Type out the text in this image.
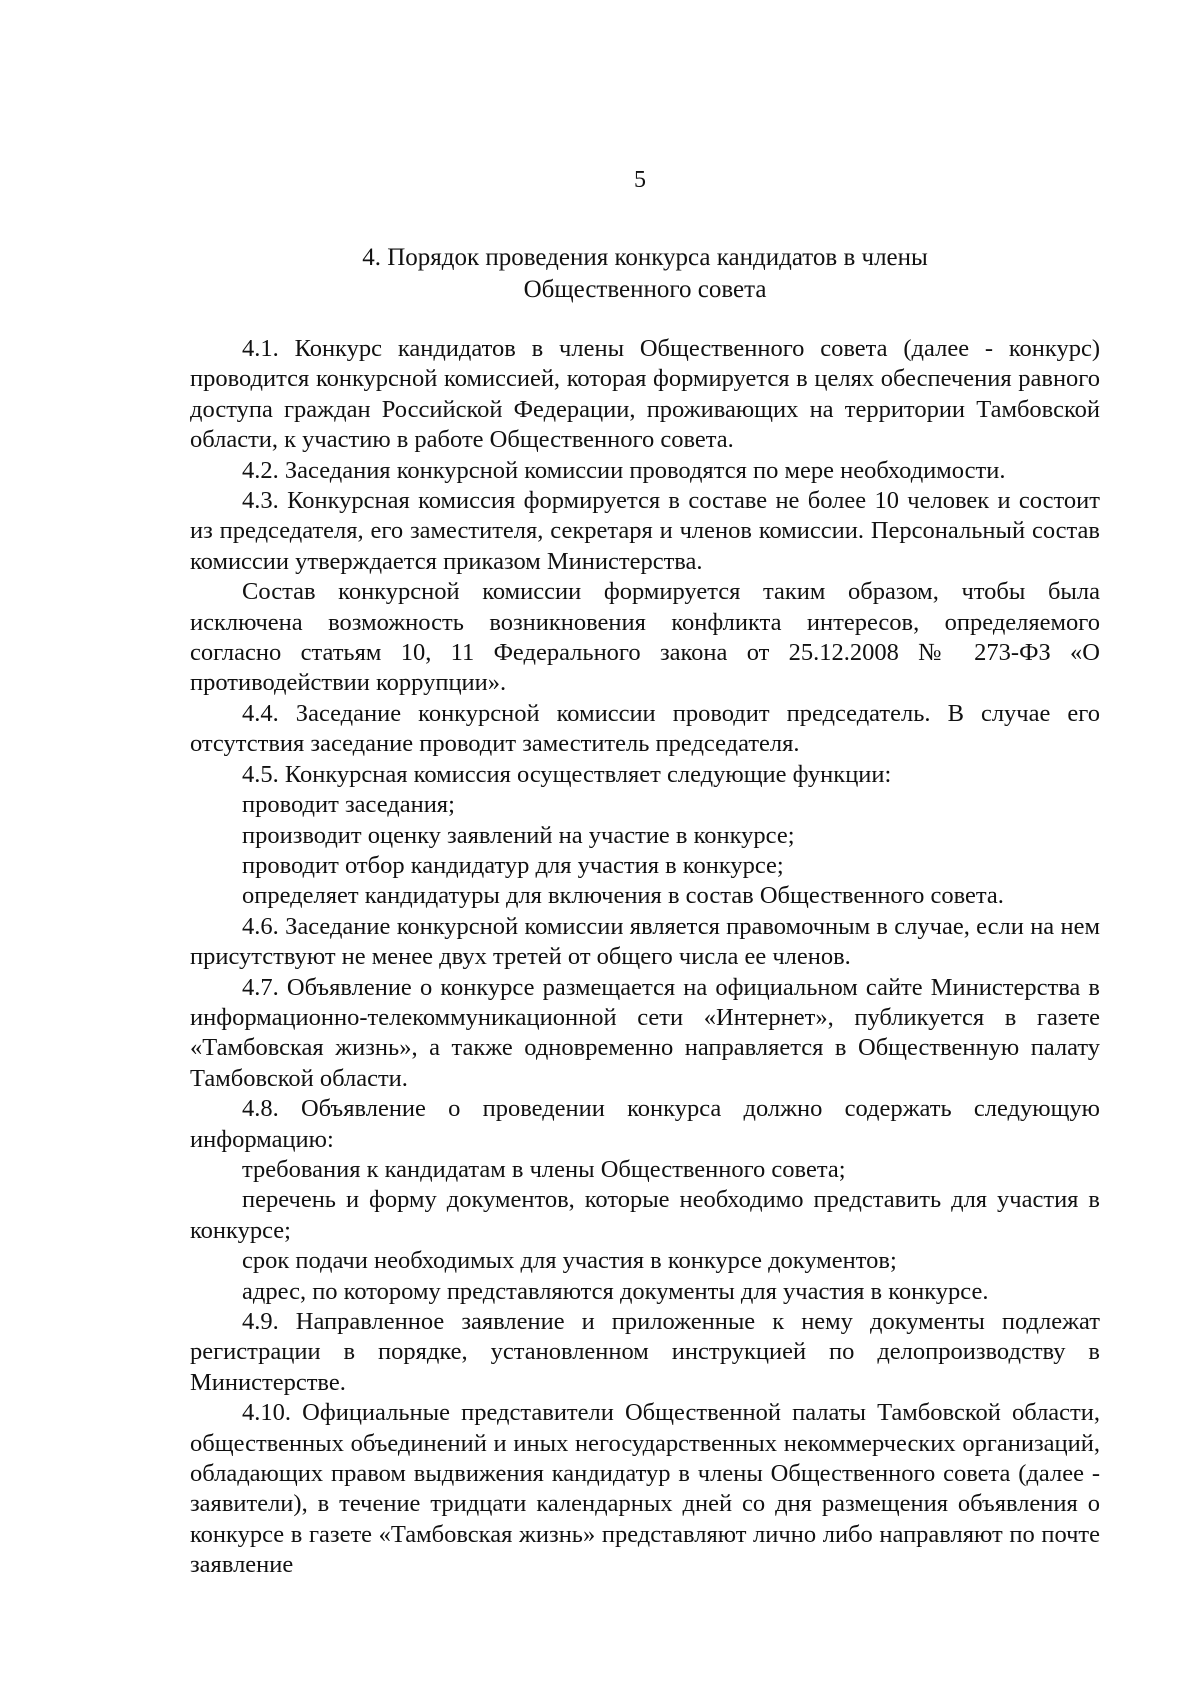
5
4. Порядок проведения конкурса кандидатов в члены
Общественного совета

4.1. Конкурс кандидатов в члены Общественного совета (далее - конкурс) проводится конкурсной комиссией, которая формируется в целях обеспечения равного доступа граждан Российской Федерации, проживающих на территории Тамбовской области, к участию в работе Общественного совета.

4.2. Заседания конкурсной комиссии проводятся по мере необходимости.

4.3. Конкурсная комиссия формируется в составе не более 10 человек и состоит из председателя, его заместителя, секретаря и членов комиссии. Персональный состав комиссии утверждается приказом Министерства.

Состав конкурсной комиссии формируется таким образом, чтобы была исключена возможность возникновения конфликта интересов, определяемого согласно статьям 10, 11 Федерального закона от 25.12.2008 № 273-ФЗ «О противодействии коррупции».

4.4. Заседание конкурсной комиссии проводит председатель. В случае его отсутствия заседание проводит заместитель председателя.

4.5. Конкурсная комиссия осуществляет следующие функции:

проводит заседания;

производит оценку заявлений на участие в конкурсе;

проводит отбор кандидатур для участия в конкурсе;

определяет кандидатуры для включения в состав Общественного совета.

4.6. Заседание конкурсной комиссии является правомочным в случае, если на нем присутствуют не менее двух третей от общего числа ее членов.

4.7. Объявление о конкурсе размещается на официальном сайте Министерства в информационно-телекоммуникационной сети «Интернет», публикуется в газете «Тамбовская жизнь», а также одновременно направляется в Общественную палату Тамбовской области.

4.8. Объявление о проведении конкурса должно содержать следующую информацию:

требования к кандидатам в члены Общественного совета;

перечень и форму документов, которые необходимо представить для участия в конкурсе;

срок подачи необходимых для участия в конкурсе документов;

адрес, по которому представляются документы для участия в конкурсе.

4.9. Направленное заявление и приложенные к нему документы подлежат регистрации в порядке, установленном инструкцией по делопроизводству в Министерстве.

4.10. Официальные представители Общественной палаты Тамбовской области, общественных объединений и иных негосударственных некоммерческих организаций, обладающих правом выдвижения кандидатур в члены Общественного совета (далее - заявители), в течение тридцати календарных дней со дня размещения объявления о конкурсе в газете «Тамбовская жизнь» представляют лично либо направляют по почте заявление
